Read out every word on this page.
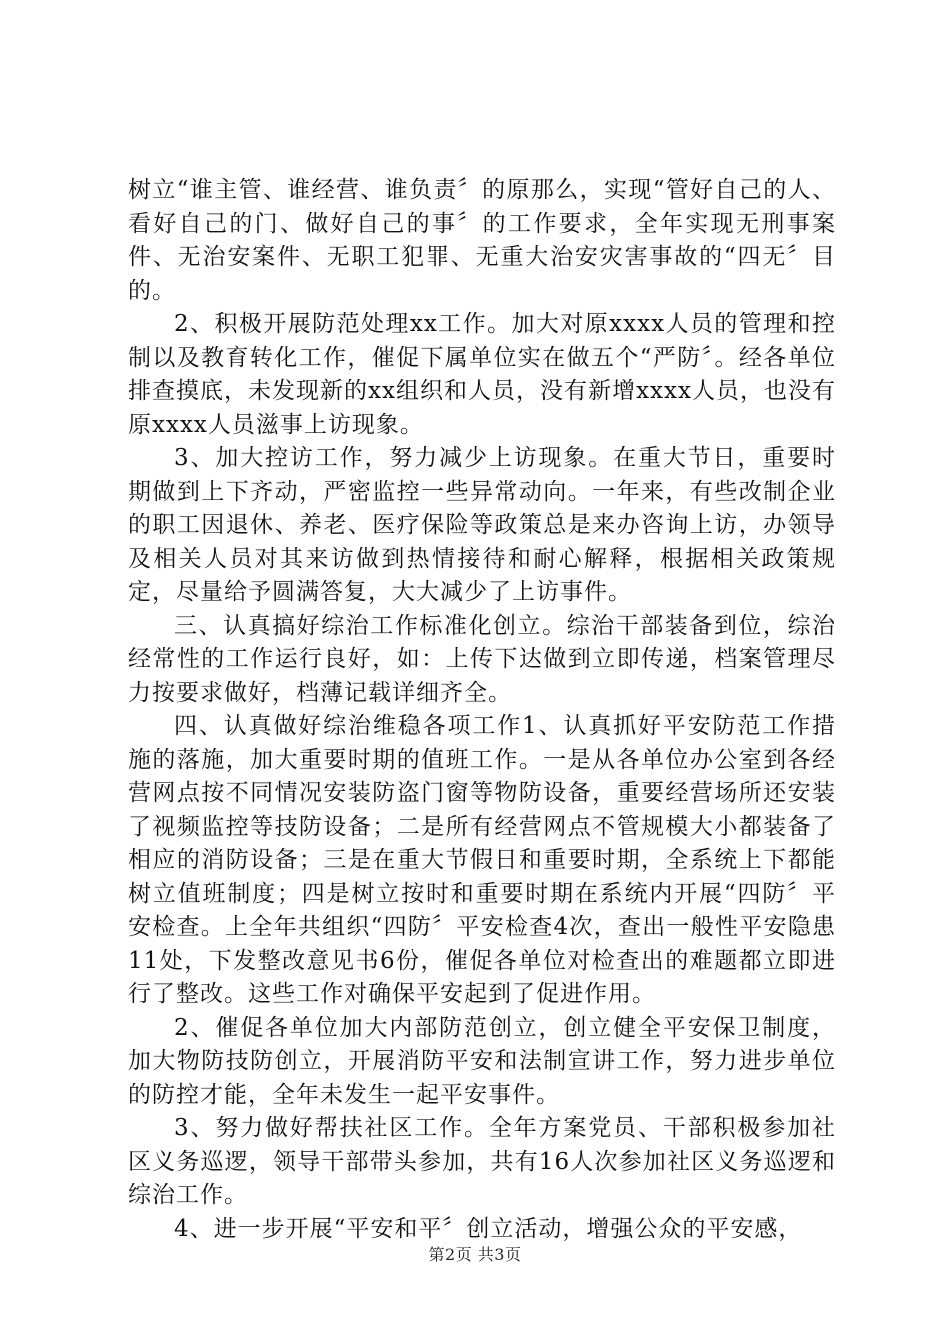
树立“谁主管、谁经营、谁负责〞的原那么，实现“管好自己的人、看好自己的门、做好自己的事〞的工作要求，全年实现无刑事案件、无治安案件、无职工犯罪、无重大治安灾害事故的“四无〞目的。

2、积极开展防范处理xx工作。加大对原xxxx人员的管理和控制以及教育转化工作，催促下属单位实在做五个“严防〞。经各单位排查摸底，未发现新的xx组织和人员，没有新增xxxx人员，也没有原xxxx人员滋事上访现象。

3、加大控访工作，努力减少上访现象。在重大节日，重要时期做到上下齐动，严密监控一些异常动向。一年来，有些改制企业的职工因退休、养老、医疗保险等政策总是来办咨询上访，办领导及相关人员对其来访做到热情接待和耐心解释，根据相关政策规定，尽量给予圆满答复，大大减少了上访事件。

三、认真搞好综治工作标准化创立。综治干部装备到位，综治经常性的工作运行良好，如：上传下达做到立即传递，档案管理尽力按要求做好，档薄记载详细齐全。

四、认真做好综治维稳各项工作1、认真抓好平安防范工作措施的落施，加大重要时期的值班工作。一是从各单位办公室到各经营网点按不同情况安装防盗门窗等物防设备，重要经营场所还安装了视频监控等技防设备；二是所有经营网点不管规模大小都装备了相应的消防设备；三是在重大节假日和重要时期，全系统上下都能树立值班制度；四是树立按时和重要时期在系统内开展“四防〞平安检查。上全年共组织“四防〞平安检查4次，查出一般性平安隐患11处，下发整改意见书6份，催促各单位对检查出的难题都立即进行了整改。这些工作对确保平安起到了促进作用。

2、催促各单位加大内部防范创立，创立健全平安保卫制度，加大物防技防创立，开展消防平安和法制宣讲工作，努力进步单位的防控才能，全年未发生一起平安事件。

3、努力做好帮扶社区工作。全年方案党员、干部积极参加社区义务巡逻，领导干部带头参加，共有16人次参加社区义务巡逻和综治工作。

4、进一步开展“平安和平〞创立活动，增强公众的平安感，

第2页 共3页
